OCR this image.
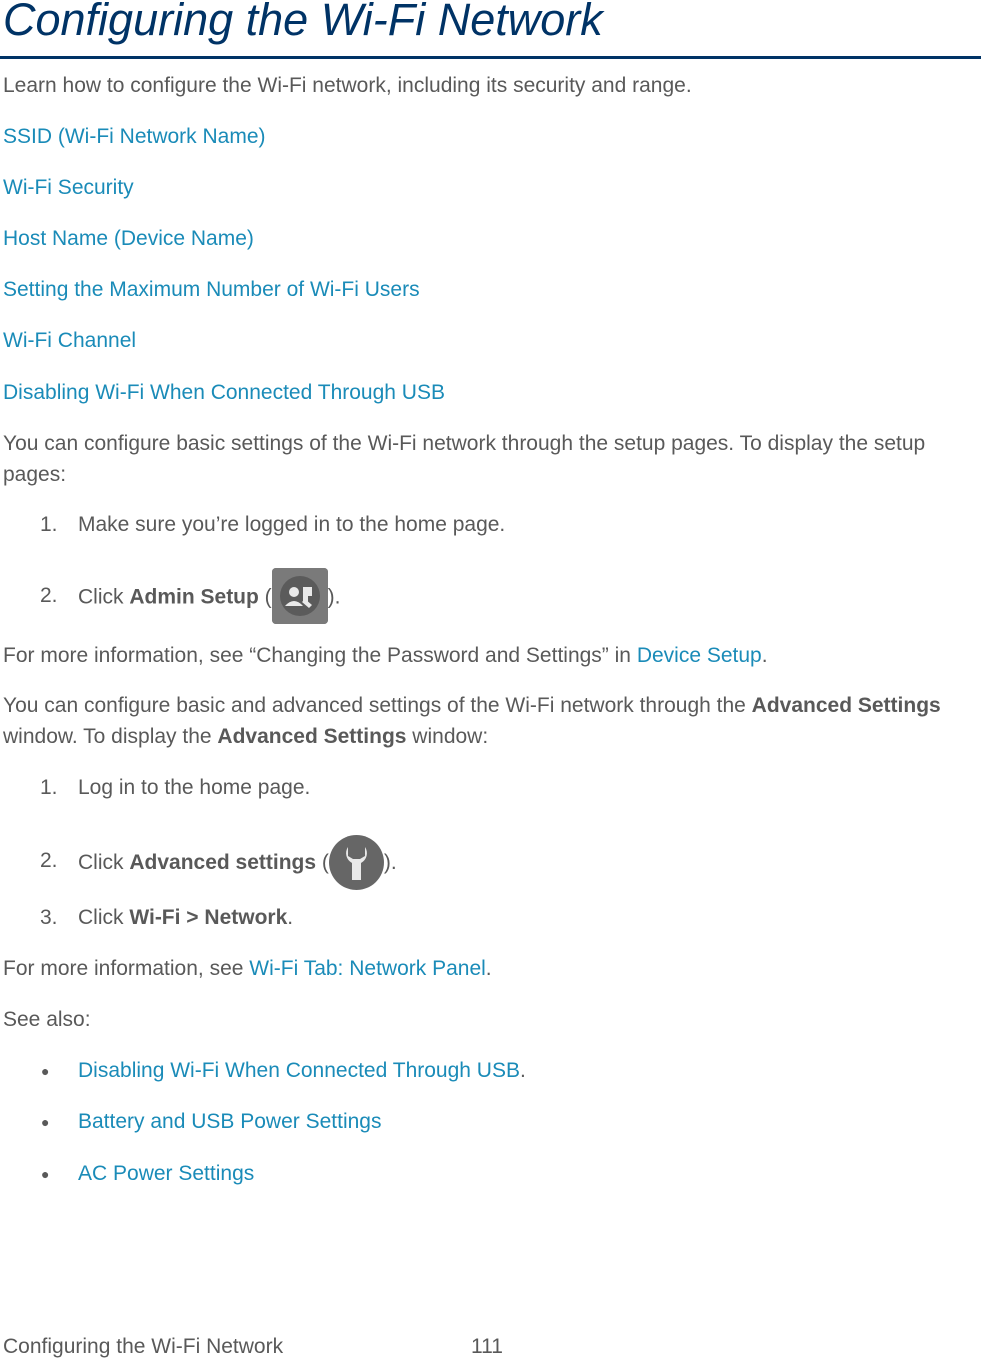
Configuring the Wi-Fi Network
Learn how to configure the Wi-Fi network, including its security and range.
SSID (Wi-Fi Network Name)
Wi-Fi Security
Host Name (Device Name)
Setting the Maximum Number of Wi-Fi Users
Wi-Fi Channel
Disabling Wi-Fi When Connected Through USB
You can configure basic settings of the Wi-Fi network through the setup pages. To display the setup pages:
1. Make sure you’re logged in to the home page.
2. Click Admin Setup (	).
For more information, see “Changing the Password and Settings” in Device Setup.
You can configure basic and advanced settings of the Wi-Fi network through the Advanced Settings window. To display the Advanced Settings window:
1. Log in to the home page.
2. Click Advanced settings (	).
3. Click Wi-Fi > Network.
For more information, see Wi-Fi Tab: Network Panel.
See also:
● Disabling Wi-Fi When Connected Through USB.
● Battery and USB Power Settings
● AC Power Settings
Configuring the Wi-Fi Network	111
